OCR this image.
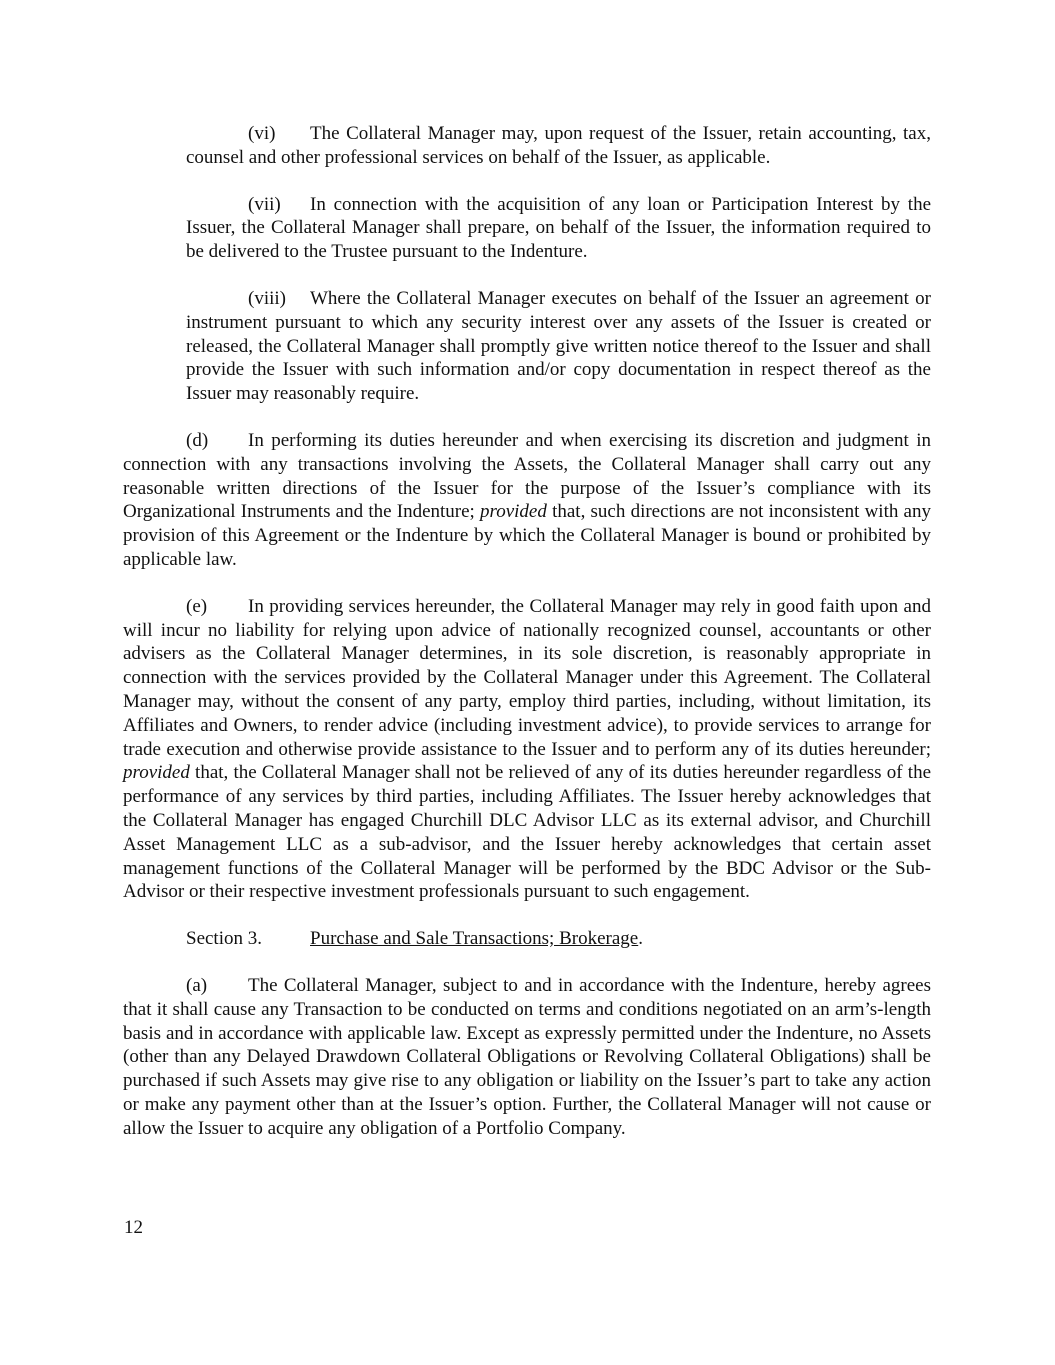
(vi) The Collateral Manager may, upon request of the Issuer, retain accounting, tax, counsel and other professional services on behalf of the Issuer, as applicable.

(vii) In connection with the acquisition of any loan or Participation Interest by the Issuer, the Collateral Manager shall prepare, on behalf of the Issuer, the information required to be delivered to the Trustee pursuant to the Indenture.

(viii) Where the Collateral Manager executes on behalf of the Issuer an agreement or instrument pursuant to which any security interest over any assets of the Issuer is created or released, the Collateral Manager shall promptly give written notice thereof to the Issuer and shall provide the Issuer with such information and/or copy documentation in respect thereof as the Issuer may reasonably require.

(d) In performing its duties hereunder and when exercising its discretion and judgment in connection with any transactions involving the Assets, the Collateral Manager shall carry out any reasonable written directions of the Issuer for the purpose of the Issuer’s compliance with its Organizational Instruments and the Indenture; provided that, such directions are not inconsistent with any provision of this Agreement or the Indenture by which the Collateral Manager is bound or prohibited by applicable law.

(e) In providing services hereunder, the Collateral Manager may rely in good faith upon and will incur no liability for relying upon advice of nationally recognized counsel, accountants or other advisers as the Collateral Manager determines, in its sole discretion, is reasonably appropriate in connection with the services provided by the Collateral Manager under this Agreement. The Collateral Manager may, without the consent of any party, employ third parties, including, without limitation, its Affiliates and Owners, to render advice (including investment advice), to provide services to arrange for trade execution and otherwise provide assistance to the Issuer and to perform any of its duties hereunder; provided that, the Collateral Manager shall not be relieved of any of its duties hereunder regardless of the performance of any services by third parties, including Affiliates. The Issuer hereby acknowledges that the Collateral Manager has engaged Churchill DLC Advisor LLC as its external advisor, and Churchill Asset Management LLC as a sub-advisor, and the Issuer hereby acknowledges that certain asset management functions of the Collateral Manager will be performed by the BDC Advisor or the Sub-Advisor or their respective investment professionals pursuant to such engagement.

Section 3.	Purchase and Sale Transactions; Brokerage.

(a) The Collateral Manager, subject to and in accordance with the Indenture, hereby agrees that it shall cause any Transaction to be conducted on terms and conditions negotiated on an arm’s-length basis and in accordance with applicable law. Except as expressly permitted under the Indenture, no Assets (other than any Delayed Drawdown Collateral Obligations or Revolving Collateral Obligations) shall be purchased if such Assets may give rise to any obligation or liability on the Issuer’s part to take any action or make any payment other than at the Issuer’s option. Further, the Collateral Manager will not cause or allow the Issuer to acquire any obligation of a Portfolio Company.

12
